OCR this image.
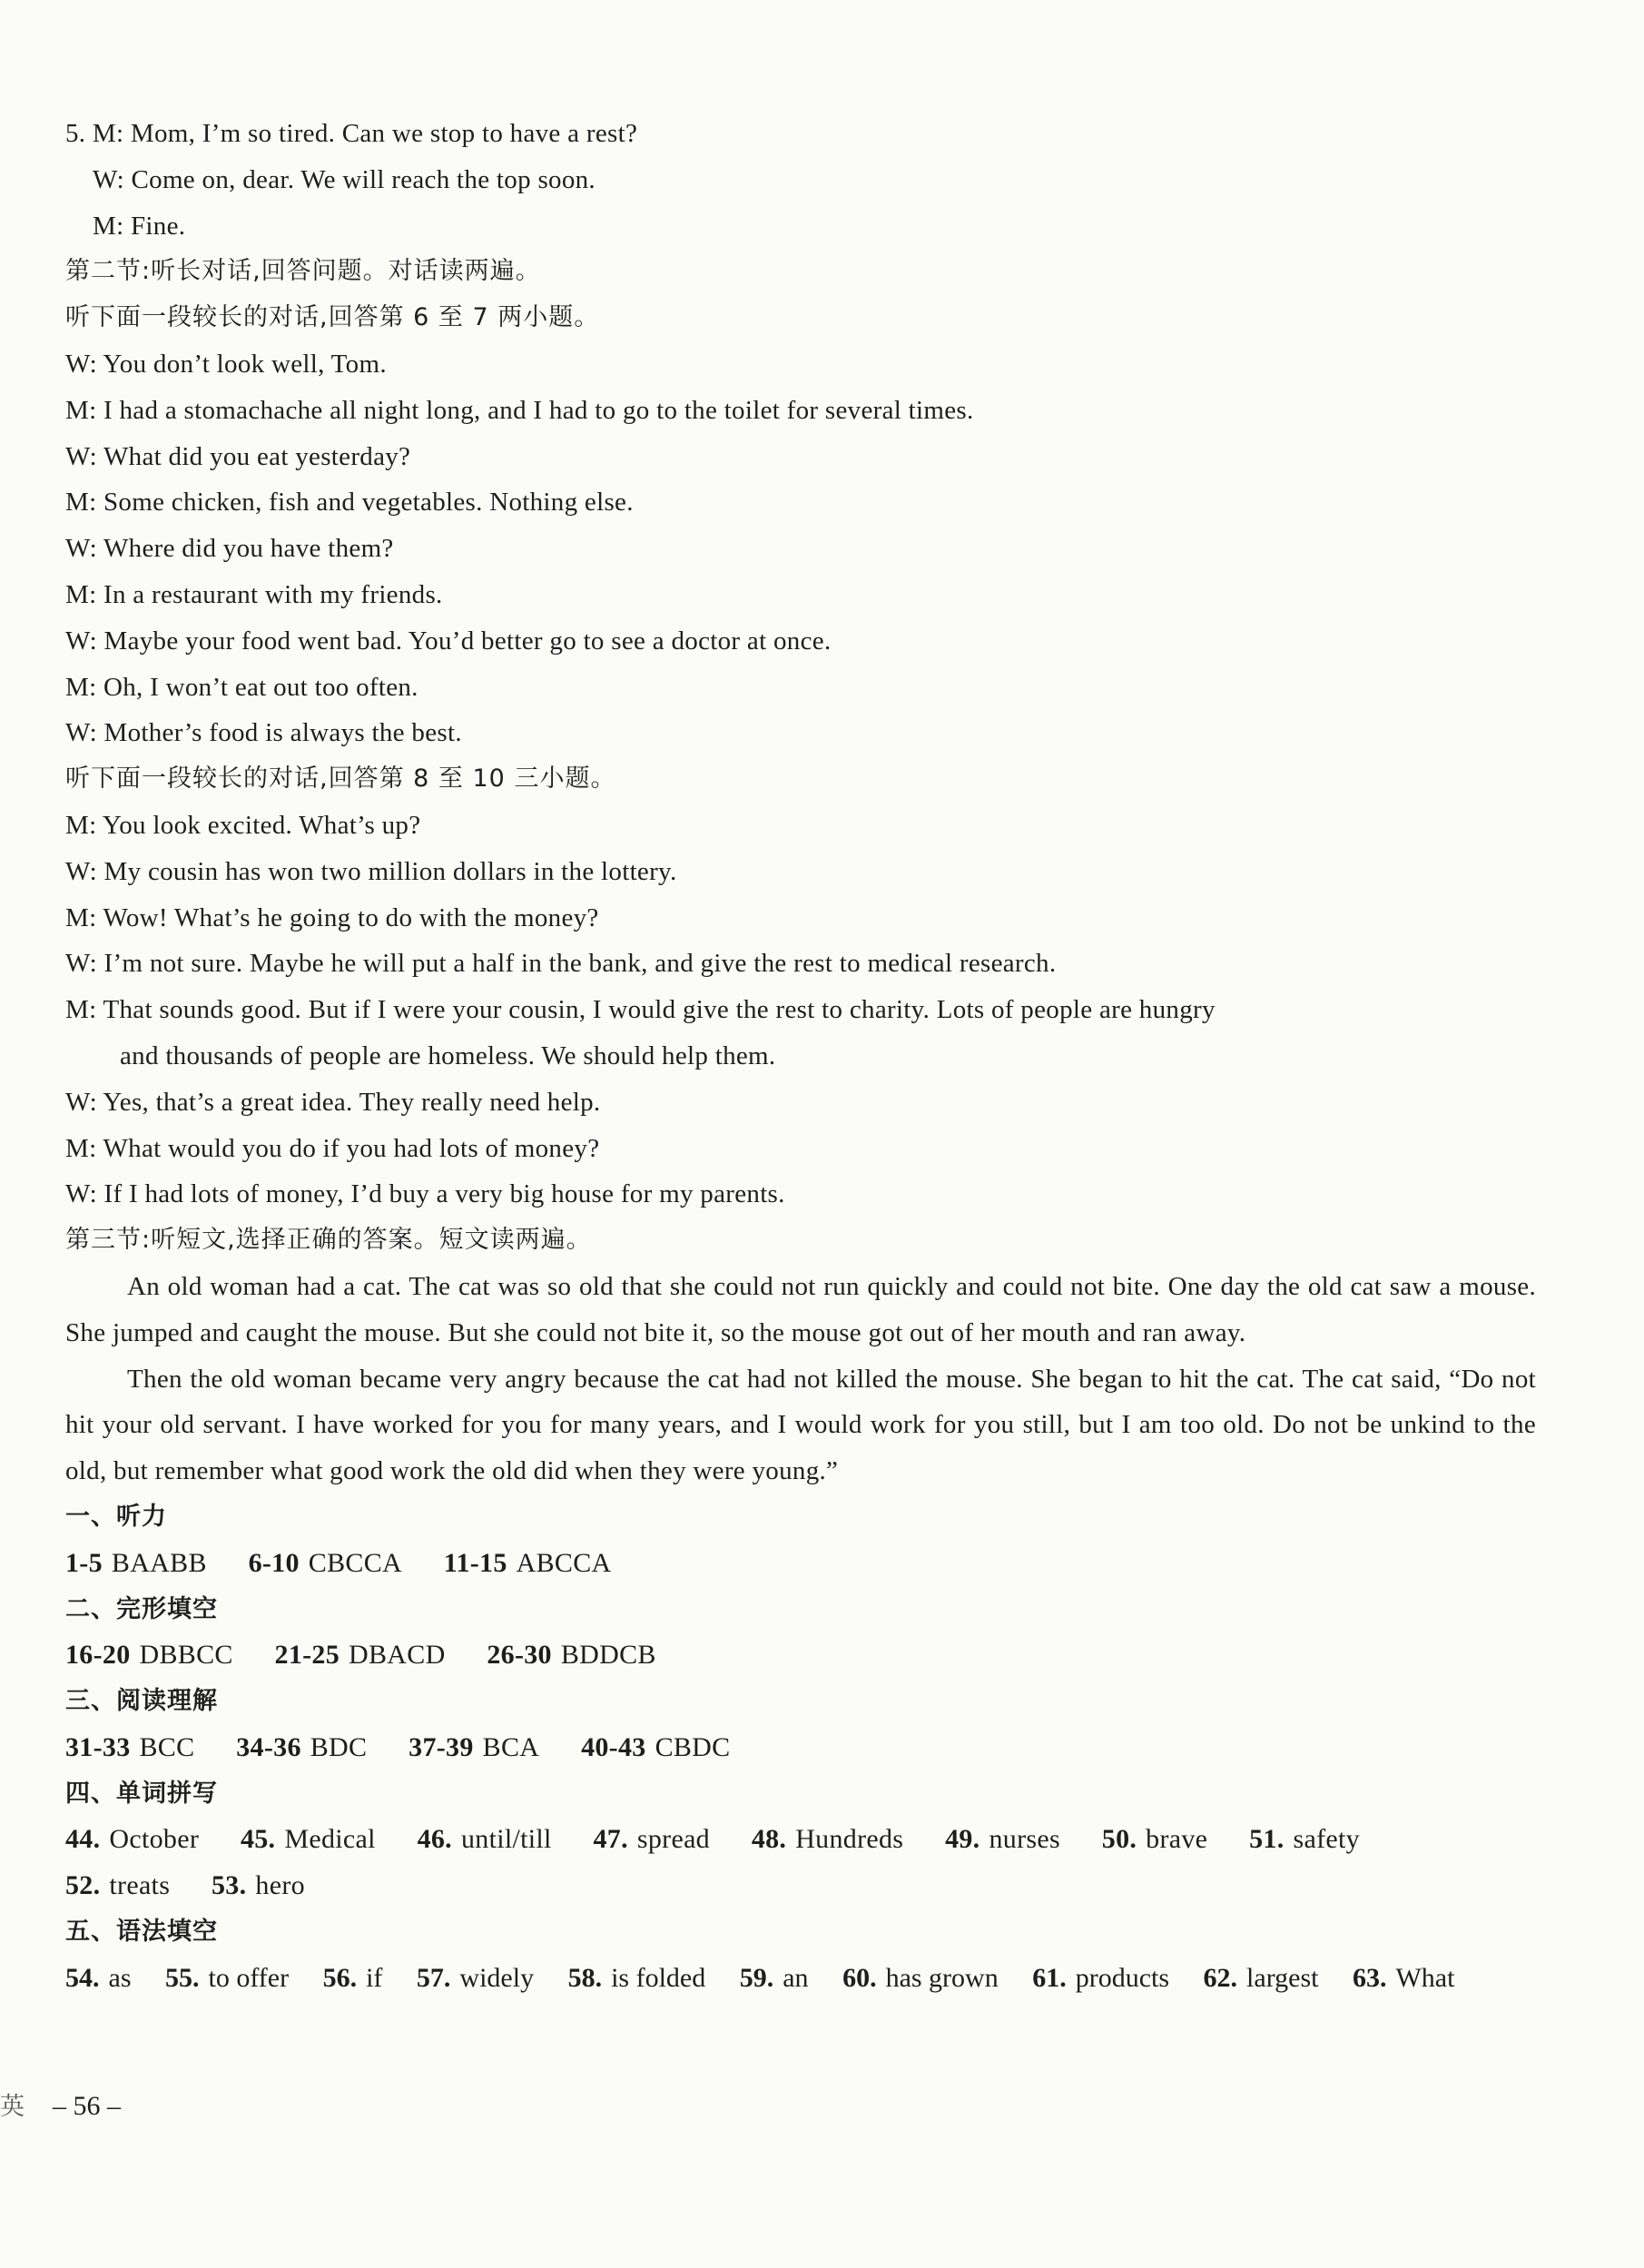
5. M: Mom, I’m so tired. Can we stop to have a rest?
W: Come on, dear. We will reach the top soon.
M: Fine.
第二节:听长对话,回答问题。对话读两遍。
听下面一段较长的对话,回答第 6 至 7 两小题。
W: You don’t look well, Tom.
M: I had a stomachache all night long, and I had to go to the toilet for several times.
W: What did you eat yesterday?
M: Some chicken, fish and vegetables. Nothing else.
W: Where did you have them?
M: In a restaurant with my friends.
W: Maybe your food went bad. You’d better go to see a doctor at once.
M: Oh, I won’t eat out too often.
W: Mother’s food is always the best.
听下面一段较长的对话,回答第 8 至 10 三小题。
M: You look excited. What’s up?
W: My cousin has won two million dollars in the lottery.
M: Wow! What’s he going to do with the money?
W: I’m not sure. Maybe he will put a half in the bank, and give the rest to medical research.
M: That sounds good. But if I were your cousin, I would give the rest to charity. Lots of people are hungry
and thousands of people are homeless. We should help them.
W: Yes, that’s a great idea. They really need help.
M: What would you do if you had lots of money?
W: If I had lots of money, I’d buy a very big house for my parents.
第三节:听短文,选择正确的答案。短文读两遍。
An old woman had a cat. The cat was so old that she could not run quickly and could not bite. One day the old cat saw a mouse. She jumped and caught the mouse. But she could not bite it, so the mouse got out of her mouth and ran away.
Then the old woman became very angry because the cat had not killed the mouse. She began to hit the cat. The cat said, “Do not hit your old servant. I have worked for you for many years, and I would work for you still, but I am too old. Do not be unkind to the old, but remember what good work the old did when they were young.”
一、听力
1-5 BAABB 6-10 CBCCA 11-15 ABCCA
二、完形填空
16-20 DBBCC 21-25 DBACD 26-30 BDDCB
三、阅读理解
31-33 BCC 34-36 BDC 37-39 BCA 40-43 CBDC
四、单词拼写
44. October 45. Medical 46. until/till 47. spread 48. Hundreds 49. nurses 50. brave 51. safety
52. treats 53. hero
五、语法填空
54. as 55. to offer 56. if 57. widely 58. is folded 59. an 60. has grown 61. products 62. largest 63. What
英 – 56 –
